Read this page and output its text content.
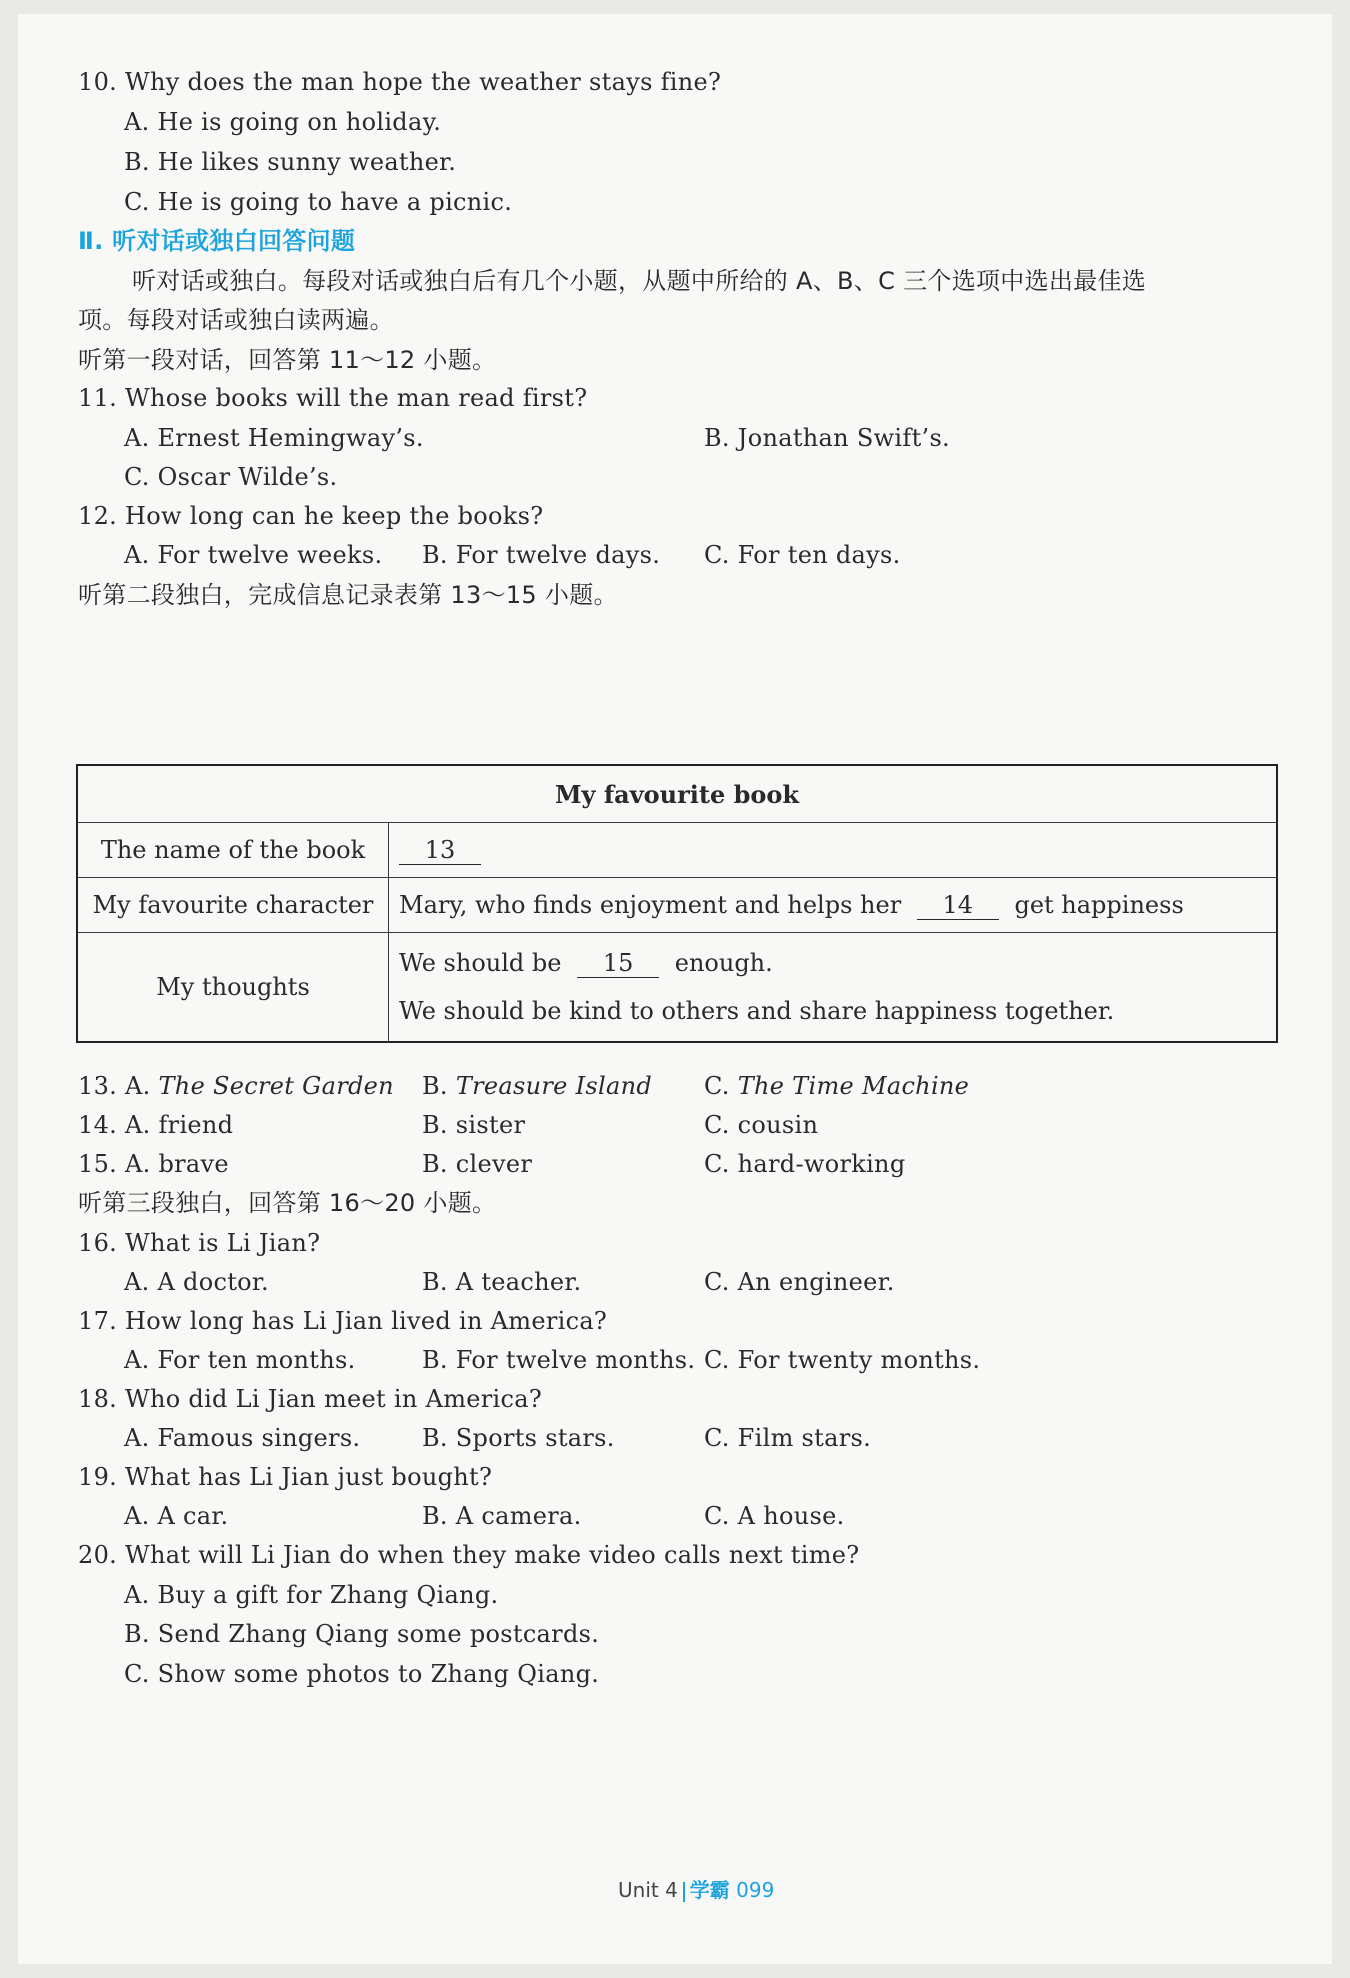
10. Why does the man hope the weather stays fine?
A. He is going on holiday.
B. He likes sunny weather.
C. He is going to have a picnic.
Ⅱ. 听对话或独白回答问题
听对话或独白。每段对话或独白后有几个小题，从题中所给的 A、B、C 三个选项中选出最佳选
项。每段对话或独白读两遍。
听第一段对话，回答第 11～12 小题。
11. Whose books will the man read first?
A. Ernest Hemingway’s.	B. Jonathan Swift’s.
C. Oscar Wilde’s.
12. How long can he keep the books?
A. For twelve weeks. B. For twelve days. C. For ten days.
听第二段独白，完成信息记录表第 13～15 小题。
My favourite book	
The name of the book	13
My favourite character	Mary, who finds enjoyment and helps her 14 get happiness
My thoughts	We should be 15 enough.
We should be kind to others and share happiness together.
13. A. The Secret Garden B. Treasure Island C. The Time Machine
14. A. friend	B. sister	C. cousin
15. A. brave	B. clever	C. hard-working
听第三段独白，回答第 16～20 小题。
16. What is Li Jian?
A. A doctor.	B. A teacher.	C. An engineer.
17. How long has Li Jian lived in America?
A. For ten months.	B. For twelve months. C. For twenty months.
18. Who did Li Jian meet in America?
A. Famous singers.	B. Sports stars.	C. Film stars.
19. What has Li Jian just bought?
A. A car.	B. A camera.	C. A house.
20. What will Li Jian do when they make video calls next time?
A. Buy a gift for Zhang Qiang.
B. Send Zhang Qiang some postcards.
C. Show some photos to Zhang Qiang.
Unit 4 学霸 099
